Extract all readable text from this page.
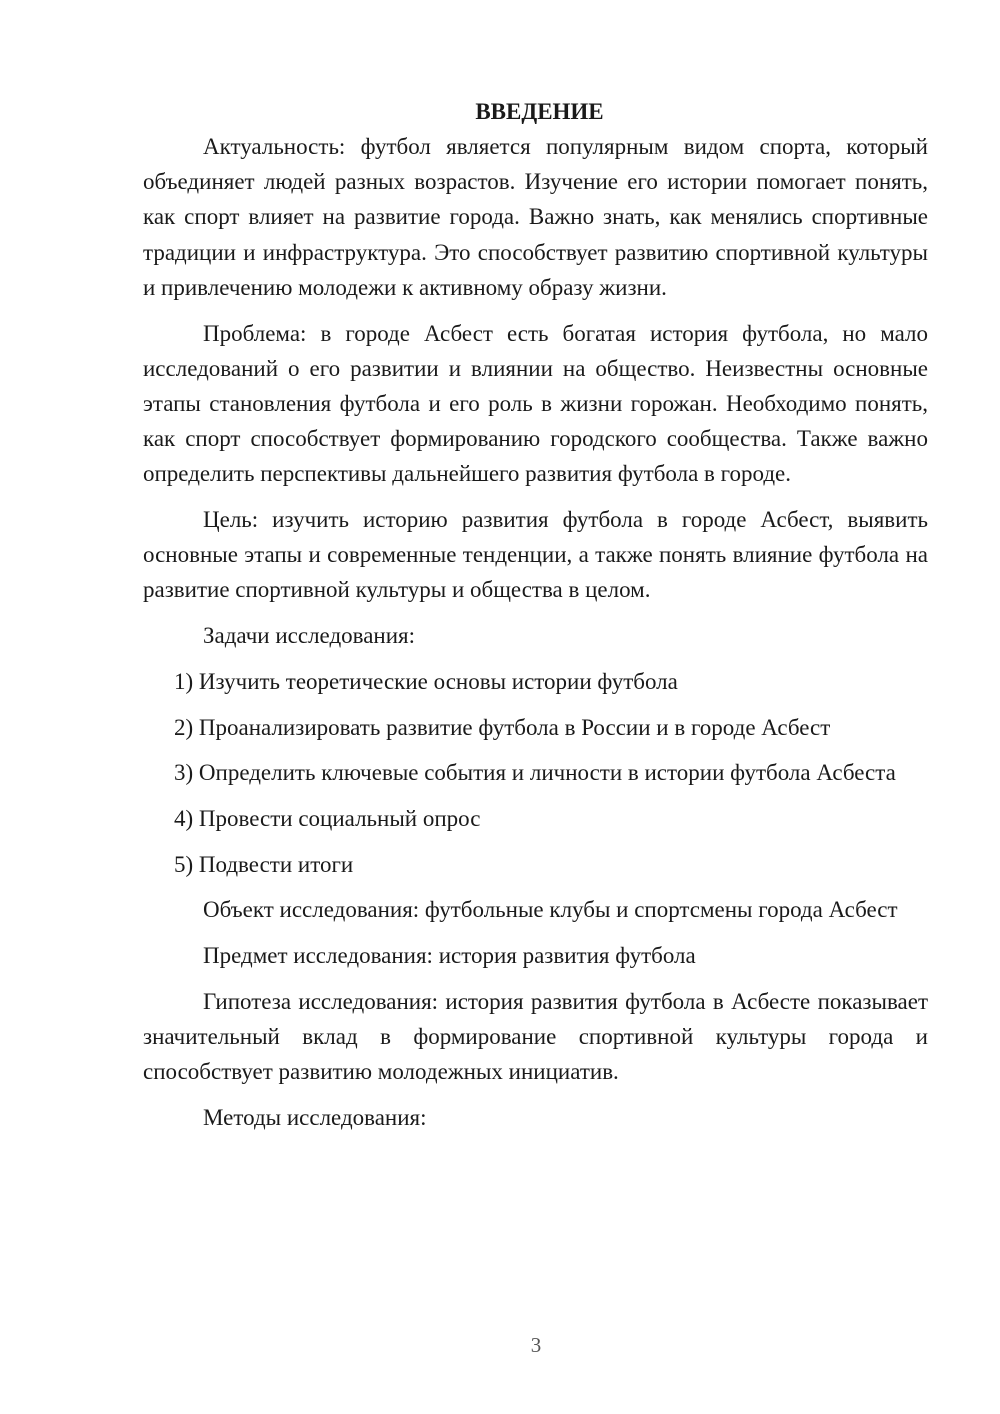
ВВЕДЕНИЕ

Актуальность: футбол является популярным видом спорта, который объединяет людей разных возрастов. Изучение его истории помогает понять, как спорт влияет на развитие города. Важно знать, как менялись спортивные традиции и инфраструктура. Это способствует развитию спортивной культуры и привлечению молодежи к активному образу жизни.

Проблема: в городе Асбест есть богатая история футбола, но мало исследований о его развитии и влиянии на общество. Неизвестны основные этапы становления футбола и его роль в жизни горожан. Необходимо понять, как спорт способствует формированию городского сообщества. Также важно определить перспективы дальнейшего развития футбола в городе.

Цель: изучить историю развития футбола в городе Асбест, выявить основные этапы и современные тенденции, а также понять влияние футбола на развитие спортивной культуры и общества в целом.

Задачи исследования:

1) Изучить теоретические основы истории футбола

2) Проанализировать развитие футбола в России и в городе Асбест

3) Определить ключевые события и личности в истории футбола Асбеста

4) Провести социальный опрос

5) Подвести итоги

Объект исследования: футбольные клубы и спортсмены города Асбест

Предмет исследования: история развития футбола

Гипотеза исследования: история развития футбола в Асбесте показывает значительный вклад в формирование спортивной культуры города и способствует развитию молодежных инициатив.

Методы исследования:

3
